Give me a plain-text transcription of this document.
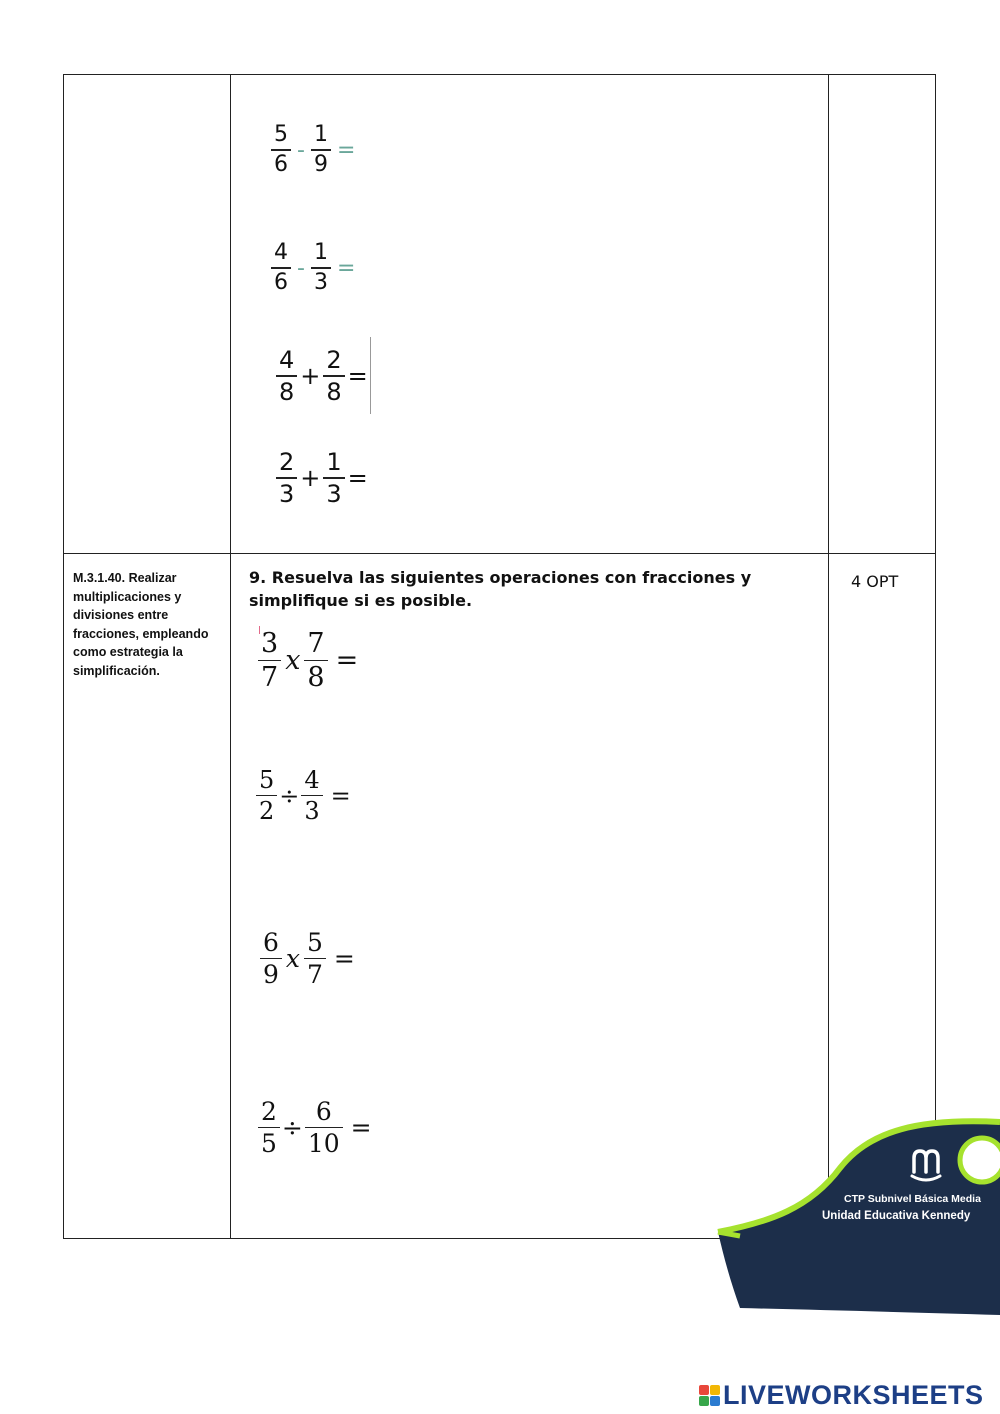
$\frac{5}{6} - \frac{1}{9}$ =
$\frac{4}{6} - \frac{1}{3}$ =
$\frac{4}{8} + \frac{2}{8}$ =
$\frac{2}{3} + \frac{1}{3}$ =
M.3.1.40. Realizar multiplicaciones y divisiones entre fracciones, empleando como estrategia la simplificación.
9. Resuelva las siguientes operaciones con fracciones y simplifique si es posible.
4 OPT
$\frac{3}{7}$ x $\frac{7}{8}$ =
$\frac{5}{2} \div \frac{4}{3}$ =
$\frac{6}{9}$ x $\frac{5}{7}$ =
$\frac{2}{5} \div \frac{6}{10}$ =
CTP Subnivel Básica Media
Unidad Educativa Kennedy
LIVEWORKSHEETS
